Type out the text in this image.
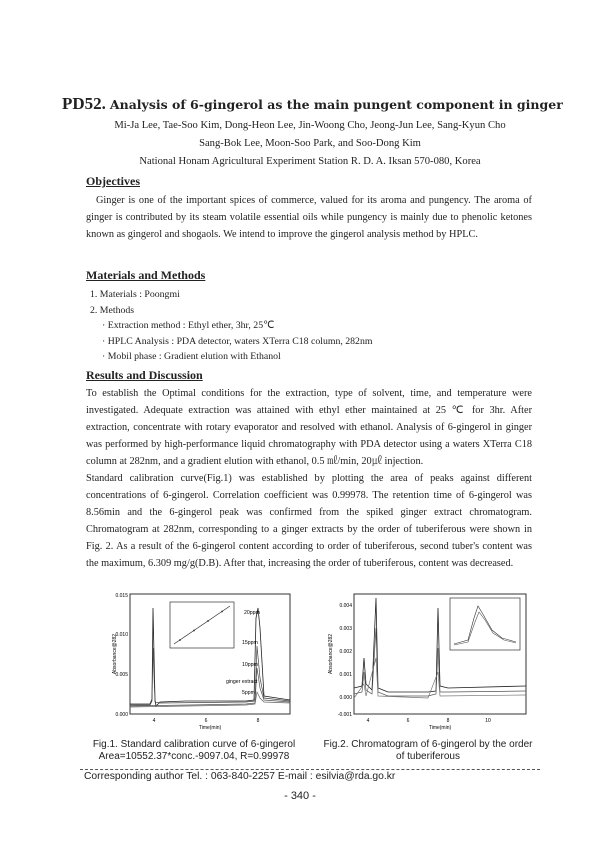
PD52. Analysis of 6-gingerol as the main pungent component in ginger
Mi-Ja Lee, Tae-Soo Kim, Dong-Heon Lee, Jin-Woong Cho, Jeong-Jun Lee, Sang-Kyun Cho
Sang-Bok Lee, Moon-Soo Park, and Soo-Dong Kim
National Honam Agricultural Experiment Station R. D. A. Iksan 570-080, Korea
Objectives

Ginger is one of the important spices of commerce, valued for its aroma and pungency. The aroma of ginger is contributed by its steam volatile essential oils while pungency is mainly due to phenolic ketones known as gingerol and shogaols. We intend to improve the gingerol analysis method by HPLC.

Materials and Methods
1. Materials : Poongmi
2. Methods
· Extraction method : Ethyl ether, 3hr, 25℃
· HPLC Analysis : PDA detector, waters XTerra C18 column, 282nm
· Mobil phase : Gradient elution with Ethanol
Results and Discussion

To establish the Optimal conditions for the extraction, type of solvent, time, and temperature were investigated. Adequate extraction was attained with ethyl ether maintained at 25 ℃ for 3hr. After extraction, concentrate with rotary evaporator and resolved with ethanol. Analysis of 6-gingerol in ginger was performed by high-performance liquid chromatography with PDA detector using a waters XTerra C18 column at 282nm, and a gradient elution with ethanol, 0.5 ㎖/min, 20㎕ injection.

Standard calibration curve(Fig.1) was established by plotting the area of peaks against different concentrations of 6-gingerol. Correlation coefficient was 0.99978. The retention time of 6-gingerol was 8.56min and the 6-gingerol peak was confirmed from the spiked ginger extract chromatogram. Chromatogram at 282nm, corresponding to a ginger extracts by the order of tuberiferous were shown in Fig. 2. As a result of the 6-gingerol content according to order of tuberiferous, second tuber's content was the maximum, 6.309 mg/g(D.B). After that, increasing the order of tuberiferous, content was decreased.

0.015
0.010
0.005
0.000
4	6	8
Time(min)
Absorbance@282
20ppm
15ppm
10ppm
ginger extract
5ppm
Fig.1. Standard calibration curve of 6-gingerol
Area=10552.37*conc.-9097.04, R=0.99978
0.004
0.003
0.002
0.001
0.000
-0.001
4	6	8	10
Time(min)
Absorbance@282
Fig.2. Chromatogram of 6-gingerol by the order
of tuberiferous
Corresponding author Tel. : 063-840-2257 E-mail : esilvia@rda.go.kr
- 340 -
